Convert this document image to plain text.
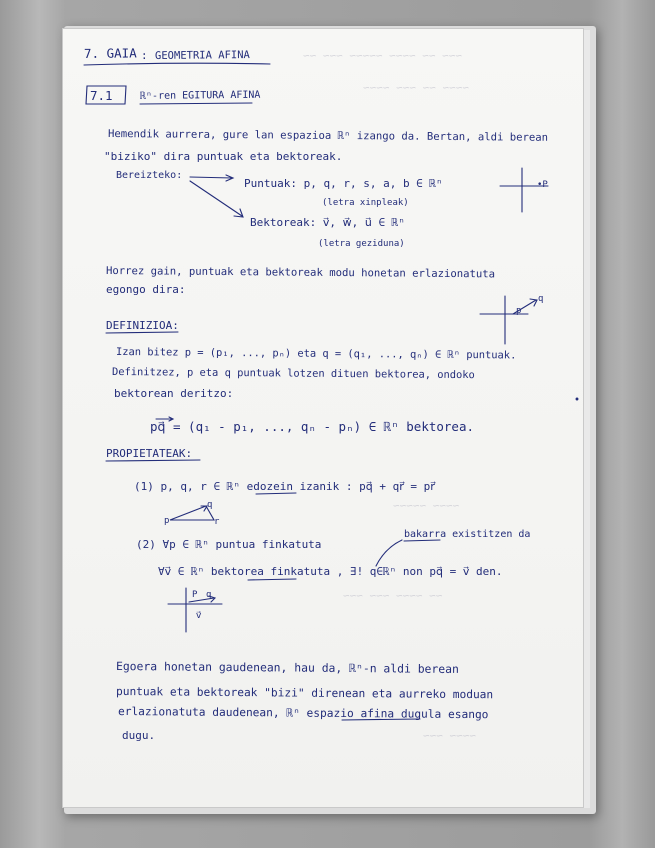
~~~ ~~ ~~~~ ~~~~~ ~~~ ~~
~~~~ ~~ ~~~ ~~~~
~~~~ ~~~~~
~~ ~~~~ ~~~ ~~~
~~~~ ~~~
7. GAIA : GEOMETRIA AFINA
7.1	ℝⁿ-ren EGITURA AFINA
Hemendik aurrera, gure lan espazioa ℝⁿ izango da. Bertan, aldi berean
"biziko" dira puntuak eta bektoreak.
Bereizteko:
Puntuak: p, q, r, s, a, b ∈ ℝⁿ
(letra xinpleak)
Bektoreak: v⃗, w⃗, u⃗ ∈ ℝⁿ
(letra geziduna)
•P
Horrez gain, puntuak eta bektoreak modu honetan erlazionatuta
egongo dira:
p
q
DEFINIZIOA:
Izan bitez p = (p₁, ..., pₙ) eta q = (q₁, ..., qₙ) ∈ ℝⁿ puntuak.
Definitzez, p eta q puntuak lotzen dituen bektorea, ondoko
bektorean deritzo:
pq⃗ = (q₁ - p₁, ..., qₙ - pₙ) ∈ ℝⁿ bektorea.
PROPIETATEAK:
(1) p, q, r ∈ ℝⁿ edozein izanik : pq⃗ + qr⃗ = pr⃗
p
q
r
bakarra existitzen da
(2) ∀p ∈ ℝⁿ puntua finkatuta
∀v⃗ ∈ ℝⁿ bektorea finkatuta , ∃! q∈ℝⁿ non pq⃗ = v⃗ den.
P q
v⃗
Egoera honetan gaudenean, hau da, ℝⁿ-n aldi berean
puntuak eta bektoreak "bizi" direnean eta aurreko moduan
erlazionatuta daudenean, ℝⁿ espazio afina dugula esango
dugu.
